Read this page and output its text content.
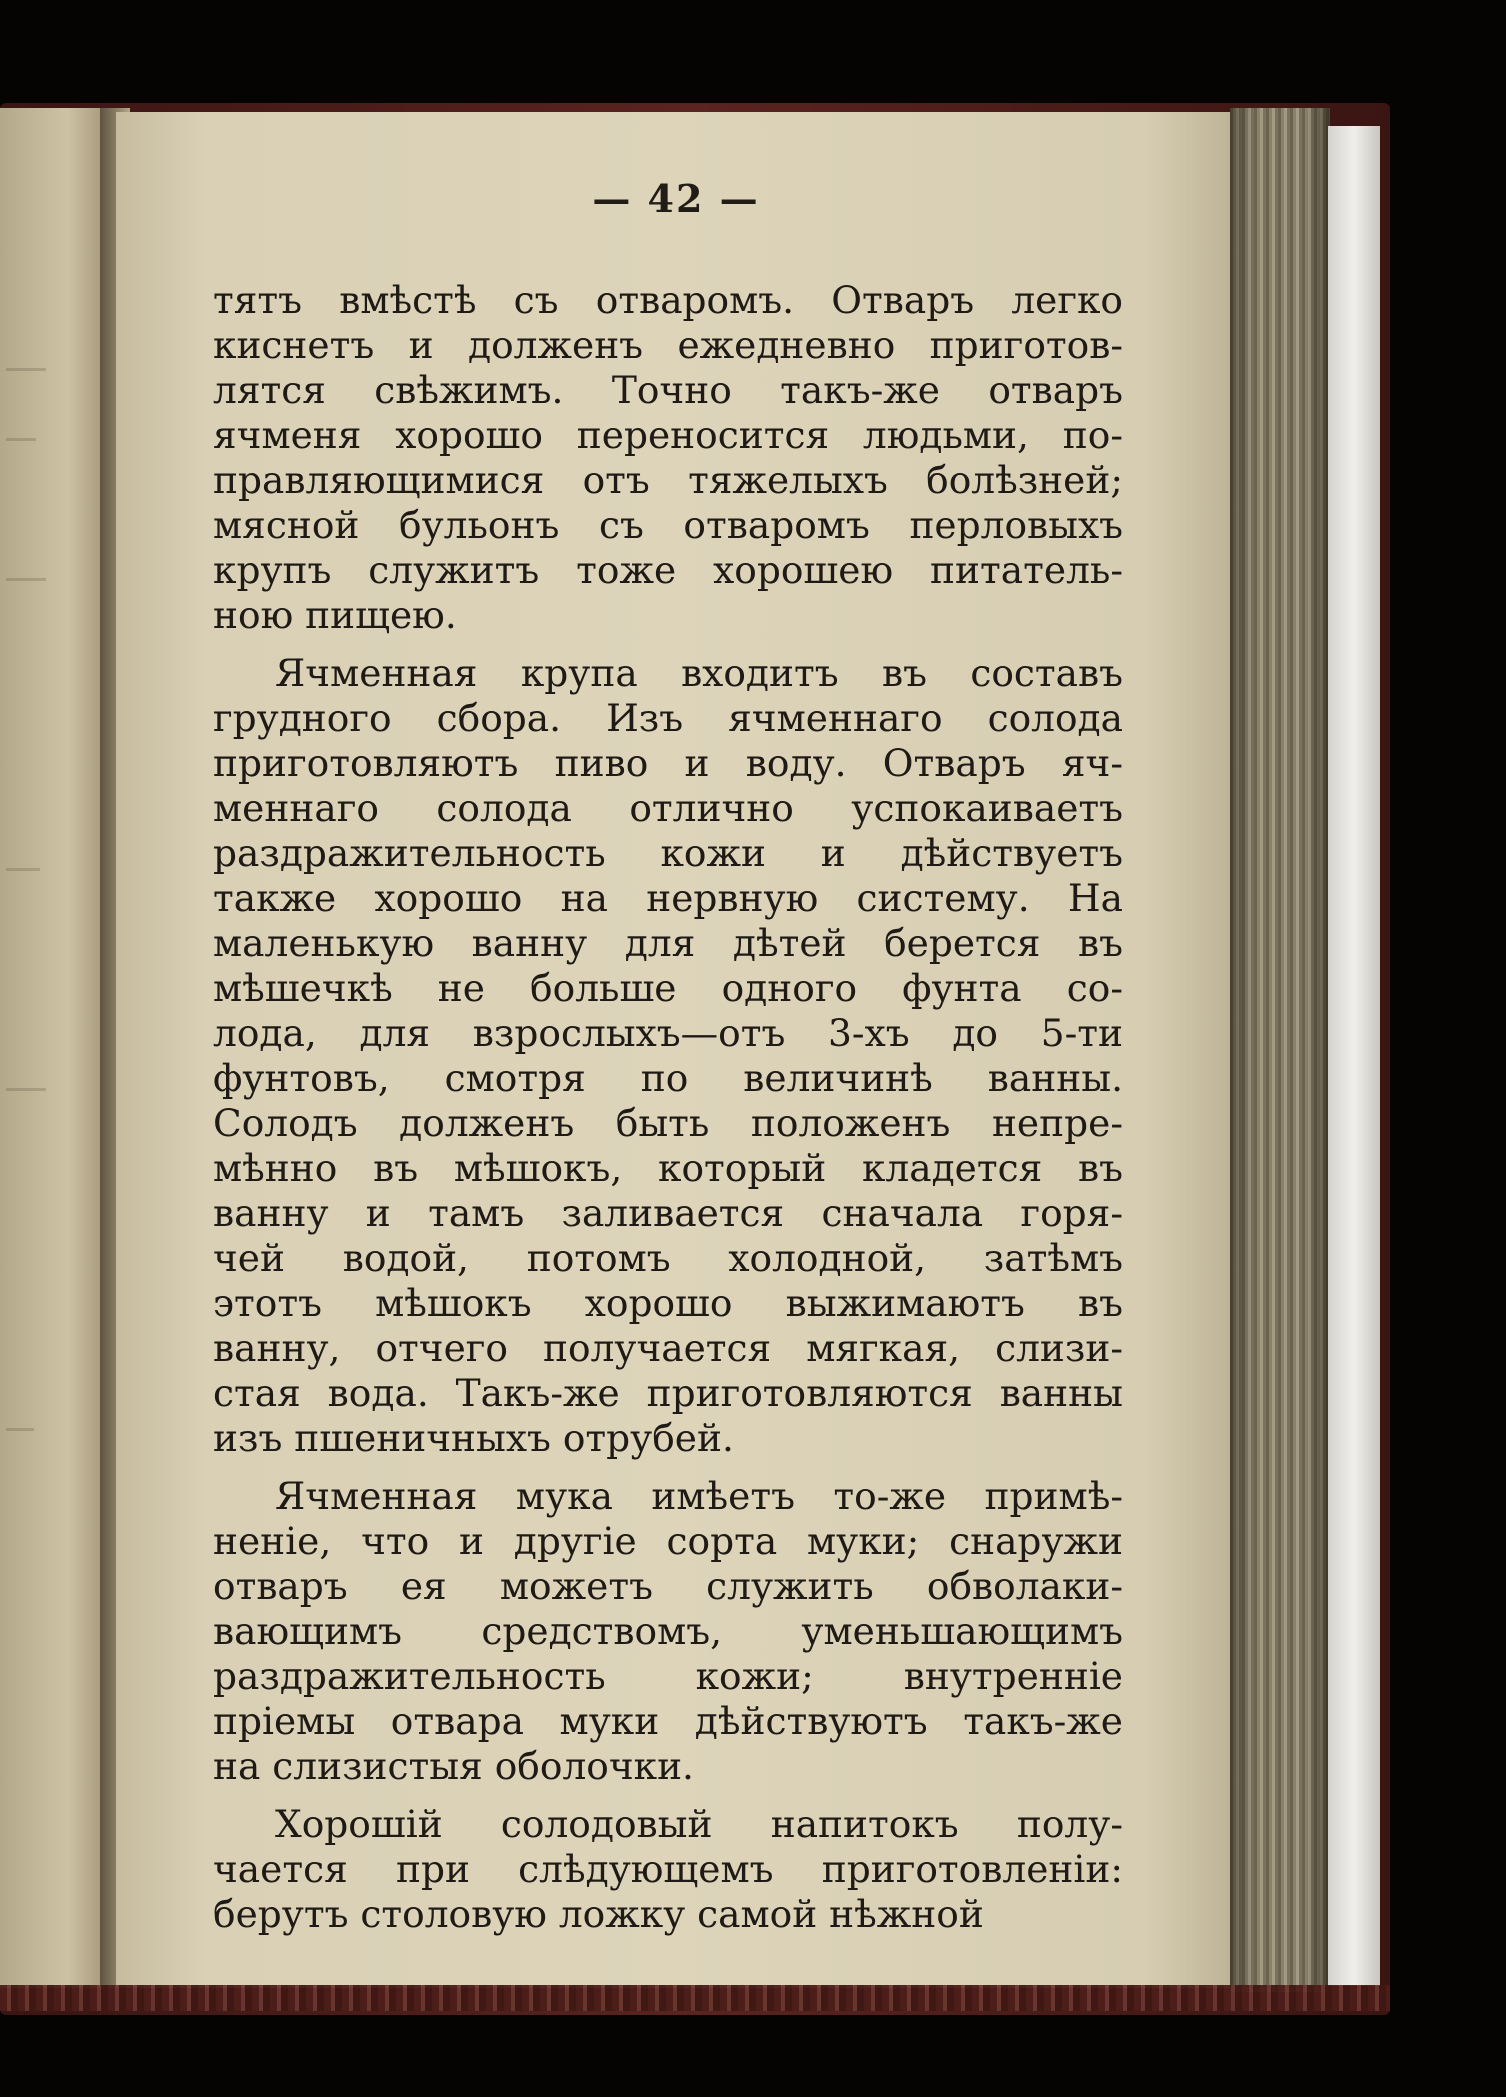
— 42 —
тятъ вмѣстѣ съ отваромъ. Отваръ легко
киснетъ и долженъ ежедневно приготов-
лятся свѣжимъ. Точно такъ-же отваръ
ячменя хорошо переносится людьми, по-
правляющимися отъ тяжелыхъ болѣзней;
мясной бульонъ съ отваромъ перловыхъ
крупъ служитъ тоже хорошею питатель-
ною пищею.
Ячменная крупа входитъ въ составъ
грудного сбора. Изъ ячменнаго солода
приготовляютъ пиво и воду. Отваръ яч-
меннаго солода отлично успокаиваетъ
раздражительность кожи и дѣйствуетъ
также хорошо на нервную систему. На
маленькую ванну для дѣтей берется въ
мѣшечкѣ не больше одного фунта со-
лода, для взрослыхъ—отъ 3-хъ до 5-ти
фунтовъ, смотря по величинѣ ванны.
Солодъ долженъ быть положенъ непре-
мѣнно въ мѣшокъ, который кладется въ
ванну и тамъ заливается сначала горя-
чей водой, потомъ холодной, затѣмъ
этотъ мѣшокъ хорошо выжимаютъ въ
ванну, отчего получается мягкая, слизи-
стая вода. Такъ-же приготовляются ванны
изъ пшеничныхъ отрубей.
Ячменная мука имѣетъ то-же примѣ-
ненiе, что и другiе сорта муки; снаружи
отваръ ея можетъ служить обволаки-
вающимъ средствомъ, уменьшающимъ
раздражительность кожи; внутреннiе
прiемы отвара муки дѣйствуютъ такъ-же
на слизистыя оболочки.
Хорошiй солодовый напитокъ полу-
чается при слѣдующемъ приготовленiи:
берутъ столовую ложку самой нѣжной
